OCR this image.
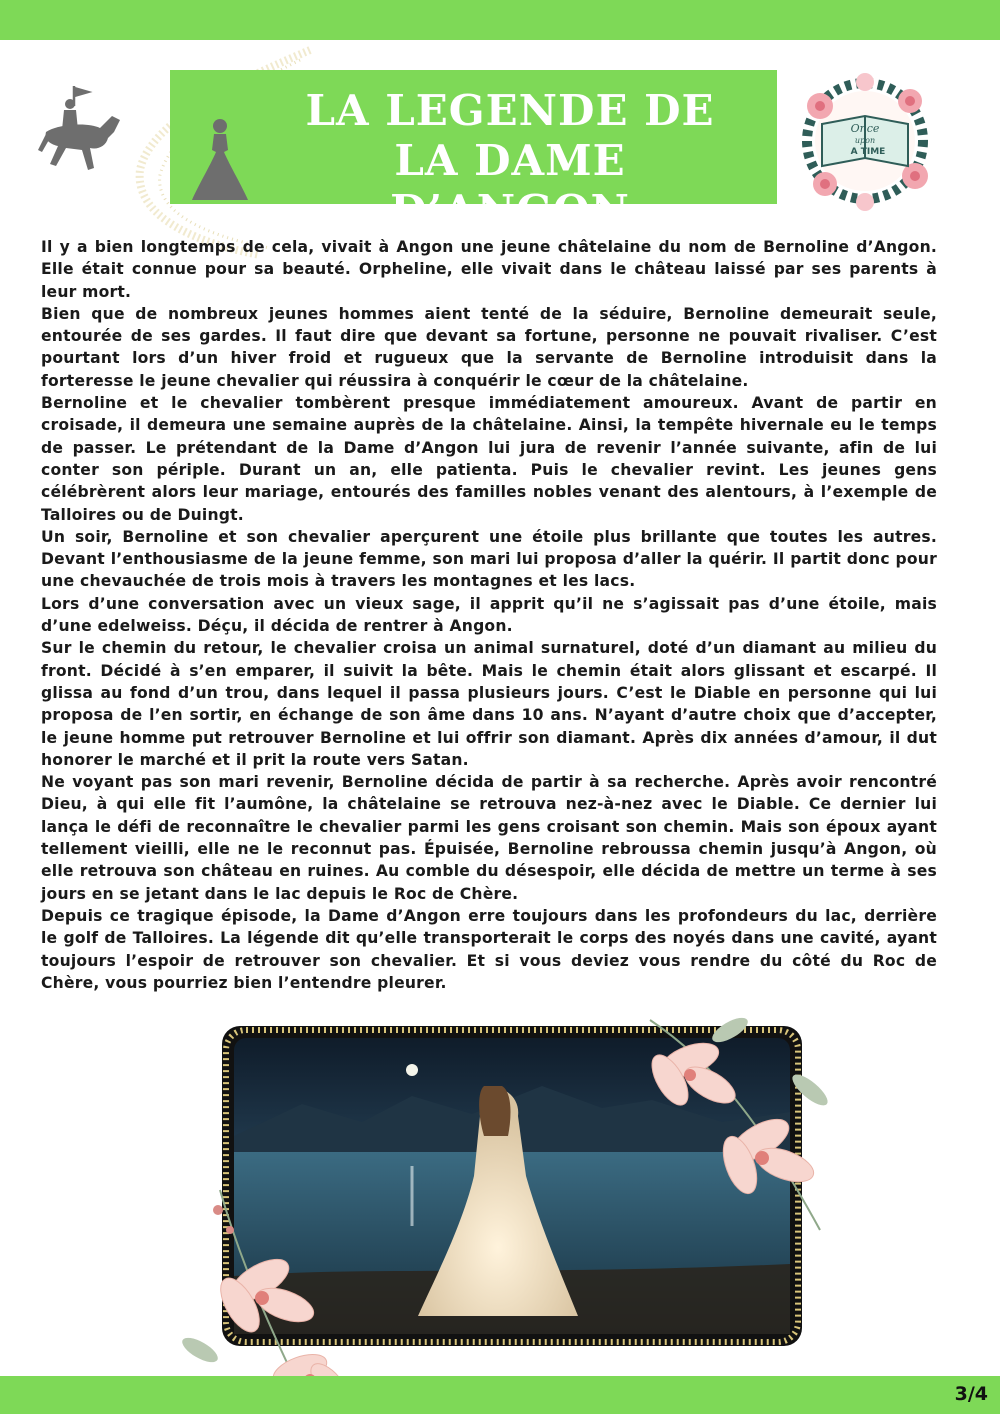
LA LEGENDE DE LA DAME D’ANGON
Once
upon
A TIME

Il y a bien longtemps de cela, vivait à Angon une jeune châtelaine du nom de Bernoline d’Angon. Elle était connue pour sa beauté. Orpheline, elle vivait dans le château laissé par ses parents à leur mort.

Bien que de nombreux jeunes hommes aient tenté de la séduire, Bernoline demeurait seule, entourée de ses gardes. Il faut dire que devant sa fortune, personne ne pouvait rivaliser. C’est pourtant lors d’un hiver froid et rugueux que la servante de Bernoline introduisit dans la forteresse le jeune chevalier qui réussira à conquérir le cœur de la châtelaine.

Bernoline et le chevalier tombèrent presque immédiatement amoureux. Avant de partir en croisade, il demeura une semaine auprès de la châtelaine. Ainsi, la tempête hivernale eu le temps de passer. Le prétendant de la Dame d’Angon lui jura de revenir l’année suivante, afin de lui conter son périple. Durant un an, elle patienta. Puis le chevalier revint. Les jeunes gens célébrèrent alors leur mariage, entourés des familles nobles venant des alentours, à l’exemple de Talloires ou de Duingt.

Un soir, Bernoline et son chevalier aperçurent une étoile plus brillante que toutes les autres. Devant l’enthousiasme de la jeune femme, son mari lui proposa d’aller la quérir. Il partit donc pour une chevauchée de trois mois à travers les montagnes et les lacs.

Lors d’une conversation avec un vieux sage, il apprit qu’il ne s’agissait pas d’une étoile, mais d’une edelweiss. Déçu, il décida de rentrer à Angon.

Sur le chemin du retour, le chevalier croisa un animal surnaturel, doté d’un diamant au milieu du front. Décidé à s’en emparer, il suivit la bête. Mais le chemin était alors glissant et escarpé. Il glissa au fond d’un trou, dans lequel il passa plusieurs jours. C’est le Diable en personne qui lui proposa de l’en sortir, en échange de son âme dans 10 ans. N’ayant d’autre choix que d’accepter, le jeune homme put retrouver Bernoline et lui offrir son diamant. Après dix années d’amour, il dut honorer le marché et il prit la route vers Satan.

Ne voyant pas son mari revenir, Bernoline décida de partir à sa recherche. Après avoir rencontré Dieu, à qui elle fit l’aumône, la châtelaine se retrouva nez-à-nez avec le Diable. Ce dernier lui lança le défi de reconnaître le chevalier parmi les gens croisant son chemin. Mais son époux ayant tellement vieilli, elle ne le reconnut pas. Épuisée, Bernoline rebroussa chemin jusqu’à Angon, où elle retrouva son château en ruines. Au comble du désespoir, elle décida de mettre un terme à ses jours en se jetant dans le lac depuis le Roc de Chère.

Depuis ce tragique épisode, la Dame d’Angon erre toujours dans les profondeurs du lac, derrière le golf de Talloires. La légende dit qu’elle transporterait le corps des noyés dans une cavité, ayant toujours l’espoir de retrouver son chevalier. Et si vous deviez vous rendre du côté du Roc de Chère, vous pourriez bien l’entendre pleurer.

3/4
